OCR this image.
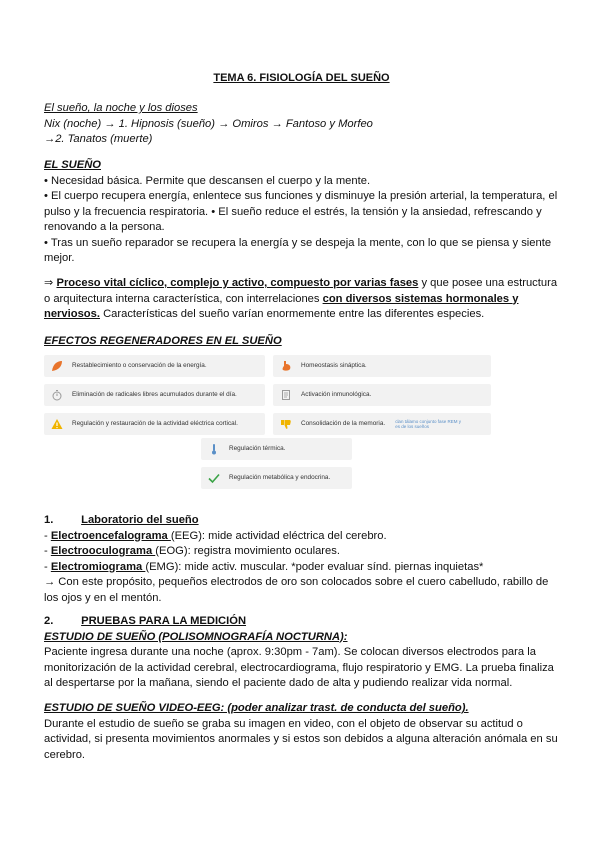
TEMA 6. FISIOLOGÍA DEL SUEÑO

El sueño, la noche y los dioses

Nix (noche) → 1. Hipnosis (sueño) → Omiros → Fantoso y Morfeo

→2. Tanatos (muerte)

EL SUEÑO

• Necesidad básica. Permite que descansen el cuerpo y la mente.

• El cuerpo recupera energía, enlentece sus funciones y disminuye la presión arterial, la temperatura, el pulso y la frecuencia respiratoria. • El sueño reduce el estrés, la tensión y la ansiedad, refrescando y renovando a la persona.

• Tras un sueño reparador se recupera la energía y se despeja la mente, con lo que se piensa y siente mejor.

⇒ Proceso vital cíclico, complejo y activo, compuesto por varias fases y que posee una estructura o arquitectura interna característica, con interrelaciones con diversos sistemas hormonales y nerviosos. Características del sueño varían enormemente entre las diferentes especies.

EFECTOS REGENERADORES EN EL SUEÑO
Restablecimiento o conservación de la energía.	Homeostasis sináptica.
Eliminación de radicales libres acumulados durante el día.	Activación inmunológica.
Regulación y restauración de la actividad eléctrica cortical.	Consolidación de la memoria. clan tálamo conjunto fase REM y es de los sueños
Regulación térmica.
Regulación metabólica y endocrina.

1. Laboratorio del sueño

- Electroencefalograma (EEG): mide actividad eléctrica del cerebro.

- Electrooculograma (EOG): registra movimiento oculares.

- Electromiograma (EMG): mide activ. muscular. *poder evaluar sínd. piernas inquietas*

→ Con este propósito, pequeños electrodos de oro son colocados sobre el cuero cabelludo, rabillo de los ojos y en el mentón.

2. PRUEBAS PARA LA MEDICIÓN

ESTUDIO DE SUEÑO (POLISOMNOGRAFÍA NOCTURNA):

Paciente ingresa durante una noche (aprox. 9:30pm - 7am). Se colocan diversos electrodos para la monitorización de la actividad cerebral, electrocardiograma, flujo respiratorio y EMG. La prueba finaliza al despertarse por la mañana, siendo el paciente dado de alta y pudiendo realizar vida normal.

ESTUDIO DE SUEÑO VIDEO-EEG: (poder analizar trast. de conducta del sueño).

Durante el estudio de sueño se graba su imagen en video, con el objeto de observar su actitud o actividad, si presenta movimientos anormales y si estos son debidos a alguna alteración anómala en su cerebro.
